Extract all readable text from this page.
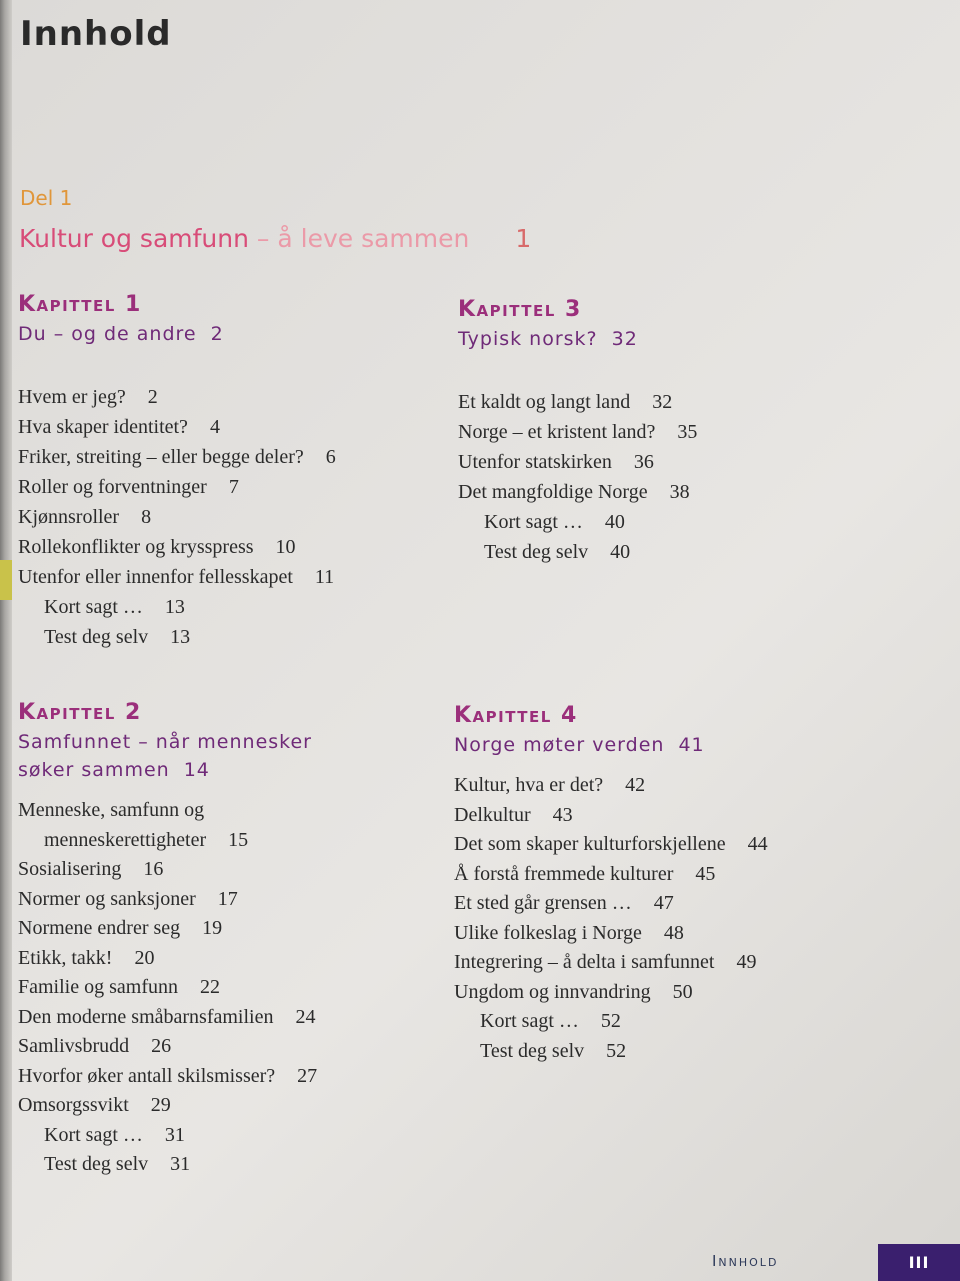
Innhold
Del 1
Kultur og samfunn – å leve sammen 1
Kapittel 1
Du – og de andre 2
Hvem er jeg? 2
Hva skaper identitet? 4
Friker, streiting – eller begge deler? 6
Roller og forventninger 7
Kjønnsroller 8
Rollekonflikter og krysspress 10
Utenfor eller innenfor fellesskapet 11
Kort sagt … 13
Test deg selv 13
Kapittel 3
Typisk norsk? 32
Et kaldt og langt land 32
Norge – et kristent land? 35
Utenfor statskirken 36
Det mangfoldige Norge 38
Kort sagt … 40
Test deg selv 40
Kapittel 2
Samfunnet – når mennesker
søker sammen 14
Menneske, samfunn og
menneskerettigheter 15
Sosialisering 16
Normer og sanksjoner 17
Normene endrer seg 19
Etikk, takk! 20
Familie og samfunn 22
Den moderne småbarnsfamilien 24
Samlivsbrudd 26
Hvorfor øker antall skilsmisser? 27
Omsorgssvikt 29
Kort sagt … 31
Test deg selv 31
Kapittel 4
Norge møter verden 41
Kultur, hva er det? 42
Delkultur 43
Det som skaper kulturforskjellene 44
Å forstå fremmede kulturer 45
Et sted går grensen … 47
Ulike folkeslag i Norge 48
Integrering – å delta i samfunnet 49
Ungdom og innvandring 50
Kort sagt … 52
Test deg selv 52
Innhold	III
